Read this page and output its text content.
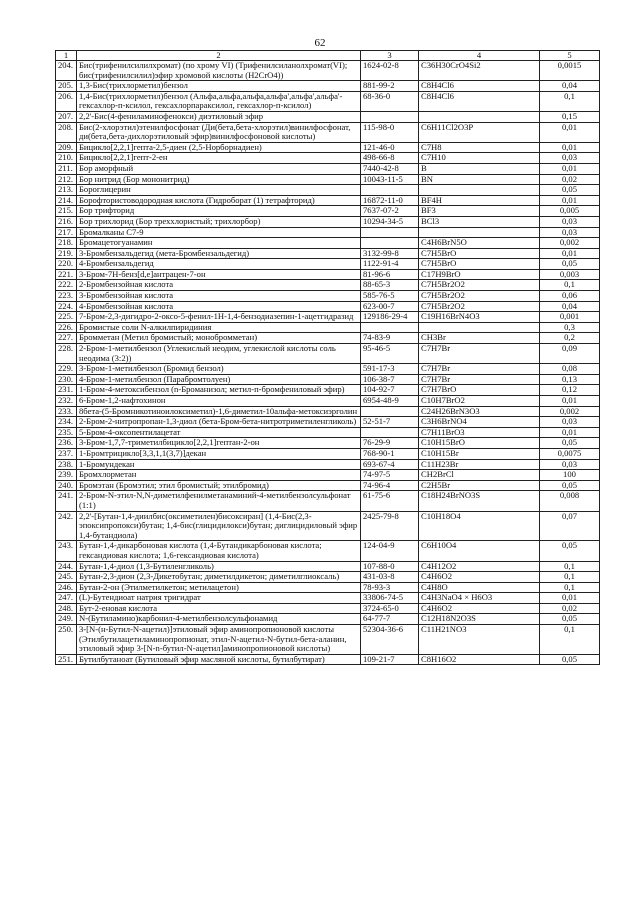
62
1	2	3	4	5
204.	Бис(трифенилсилилхромат) (по хрому VI) (Трифенилсиланолхромат(VI); бис(трифенилсилил)эфир хромовой кислоты (H2CrO4))	1624-02-8	C36H30CrO4Si2	0,0015
205.	1,3-Бис(трихлорметил)бензол	881-99-2	C8H4Cl6	0,04
206.	1,4-Бис(трихлорметил)бензол (Альфа,альфа,альфа,альфа',альфа',альфа'-гексахлор-п-ксилол, гексахлорпараксилол, гексахлор-п-ксилол)	68-36-0	C8H4Cl6	0,1
207.	2,2'-Бис(4-фениламинофенокси) диэтиловый эфир			0,15
208.	Бис(2-хлорэтил)этенилфосфонат (Ди(бета,бета-хлорэтил)винилфосфонат, ди(бета,бета-дихлорэтиловый эфир)винилфосфоновой кислоты)	115-98-0	C6H11Cl2O3P	0,01
209.	Бицикло[2,2,1]гепта-2,5-диен (2,5-Норборнадиен)	121-46-0	C7H8	0,01
210.	Бицикло[2,2,1]гепт-2-ен	498-66-8	C7H10	0,03
211.	Бор аморфный	7440-42-8	B	0,01
212.	Бор нитрид (Бор мононитрид)	10043-11-5	BN	0,02
213.	Бороглицерин			0,05
214.	Борофтористоводородная кислота (Гидроборат (1) тетрафторид)	16872-11-0	BF4H	0,01
215.	Бор трифторид	7637-07-2	BF3	0,005
216.	Бор трихлорид (Бор треххлористый; трихлорбор)	10294-34-5	BCl3	0,03
217.	Бромалканы C7-9			0,03
218.	Бромацетогуанамин		C4H6BrN5O	0,002
219.	3-Бромбензальдегид (мета-Бромбензальдегид)	3132-99-8	C7H5BrO	0,01
220.	4-Бромбензальдегид	1122-91-4	C7H5BrO	0,05
221.	3-Бром-7Н-бенз[d,e]антрацен-7-он	81-96-6	C17H9BrO	0,003
222.	2-Бромбензойная кислота	88-65-3	C7H5Br2O2	0,1
223.	3-Бромбензойная кислота	585-76-5	C7H5Br2O2	0,06
224.	4-Бромбензойная кислота	623-00-7	C7H5Br2O2	0,04
225.	7-Бром-2,3-дигидро-2-оксо-5-фенил-1Н-1,4-бензодиазепин-1-ацетгидразид	129186-29-4	C19H16BrN4O3	0,001
226.	Бромистые соли N-алкилпиридиния			0,3
227.	Бромметан (Метил бромистый; монобромметан)	74-83-9	CH3Br	0,2
228.	2-Бром-1-метилбензол (Углекислый неодим, углекислой кислоты соль неодима (3:2))	95-46-5	C7H7Br	0,09
229.	3-Бром-1-метилбензол (Бромид бензол)	591-17-3	C7H7Br	0,08
230.	4-Бром-1-метилбензол (Парабромтолуен)	106-38-7	C7H7Br	0,13
231.	1-Бром-4-метоксибензол (n-Броманизол; метил-п-бромфениловый эфир)	104-92-7	C7H7BrO	0,12
232.	6-Бром-1,2-нафтохинон	6954-48-9	C10H7BrO2	0,01
233.	8бета-(5-Бромникотиноилоксиметил)-1,6-диметил-10альфа-метоксиэрголин		C24H26BrN3O3	0,002
234.	2-Бром-2-нитропропан-1,3-диол (бета-Бром-бета-нитротриметиленгликоль)	52-51-7	C3H6BrNO4	0,03
235.	5-Бром-4-оксопентилацетат		C7H11BrO3	0,01
236.	3-Бром-1,7,7-триметилбицикло[2,2,1]гептан-2-он	76-29-9	C10H15BrO	0,05
237.	1-Бромтрицикло[3,3,1,1(3,7)]декан	768-90-1	C10H15Br	0,0075
238.	1-Бромундекан	693-67-4	C11H23Br	0,03
239.	Бромхлорметан	74-97-5	CH2BrCl	100
240.	Бромэтан (Бромэтил; этил бромистый; этилбромид)	74-96-4	C2H5Br	0,05
241.	2-Бром-N-этил-N,N-диметилфенилметанаминий-4-метилбензолсульфонат (1:1)	61-75-6	C18H24BrNO3S	0,008
242.	2,2'-[Бутан-1,4-диилбис(оксиметилен)бисоксиран] (1,4-Бис(2,3-эпоксипропокси)бутан; 1,4-бис(глицидилокси)бутан; диглицидиловый эфир 1,4-бутандиола)	2425-79-8	C10H18O4	0,07
243.	Бутан-1,4-дикарбоновая кислота (1,4-Бутандикарбоновая кислота; гександиовая кислота; 1,6-гександиовая кислота)	124-04-9	C6H10O4	0,05
244.	Бутан-1,4-диол (1,3-Бутиленгликоль)	107-88-0	C4H12O2	0,1
245.	Бутан-2,3-дион (2,3-Дикетобутан; диметилдикетон; диметилглиоксаль)	431-03-8	C4H6O2	0,1
246.	Бутан-2-он (Этилметилкетон; метилацетон)	78-93-3	C4H8O	0,1
247.	(L)-Бутендиоат натрия тригидрат	33806-74-5	C4H3NaO4 × H6O3	0,01
248.	Бут-2-еновая кислота	3724-65-0	C4H6O2	0,02
249.	N-(Бутиламино)карбонил-4-метилбензолсульфонамид	64-77-7	C12H18N2O3S	0,05
250.	3-[N-(н-Бутил-N-ацетил)]этиловый эфир аминопропионовой кислоты (Этилбутилацетиламинопропионат, этил-N-ацетил-N-бутил-бета-аланин, этиловый эфир 3-[N-n-бутил-N-ацетил]аминопропионовой кислоты)	52304-36-6	C11H21NO3	0,1
251.	Бутилбутаноат (Бутиловый эфир масляной кислоты, бутилбутират)	109-21-7	C8H16O2	0,05
